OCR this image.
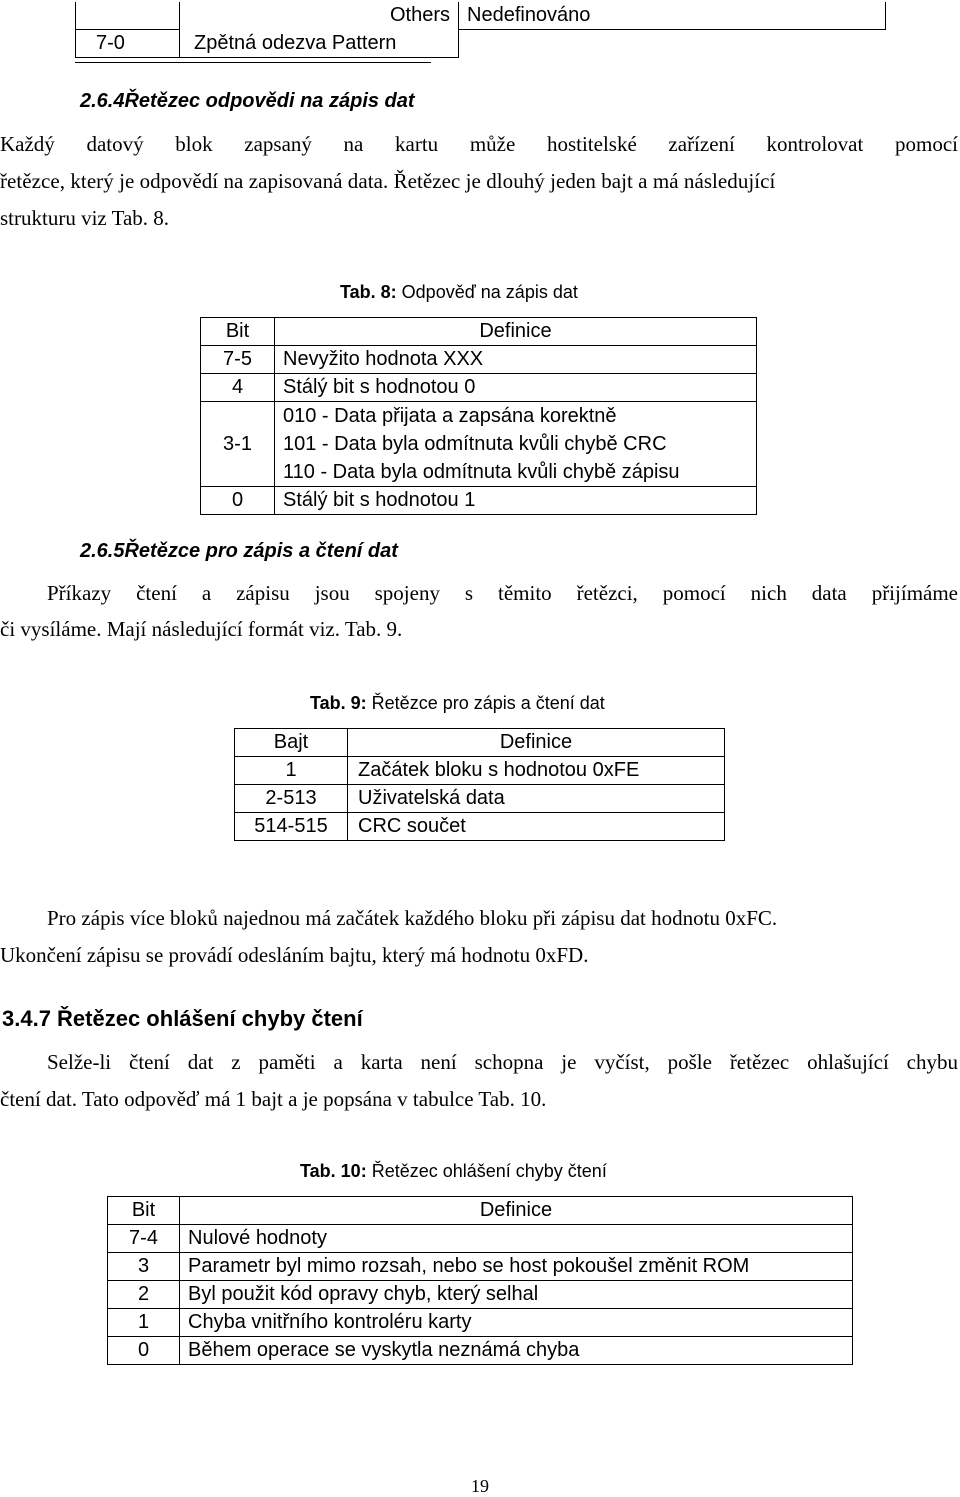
	Others	Nedefinováno
7-0	Zpětná odezva Pattern	
2.6.4Řetězec odpovědi na zápis dat
Každý datový blok zapsaný na kartu může hostitelské zařízení kontrolovat pomocí
řetězce, který je odpovědí na zapisovaná data. Řetězec je dlouhý jeden bajt a má následující
strukturu viz Tab. 8.
Tab. 8: Odpověď na zápis dat
Bit	Definice
7-5	Nevyžito hodnota XXX
4	Stálý bit s hodnotou 0
3-1	010 - Data přijata a zapsána korektně
101 - Data byla odmítnuta kvůli chybě CRC
110 - Data byla odmítnuta kvůli chybě zápisu

0	Stálý bit s hodnotou 1
2.6.5Řetězce pro zápis a čtení dat
Příkazy čtení a zápisu jsou spojeny s těmito řetězci, pomocí nich data přijímáme
či vysíláme. Mají následující formát viz. Tab. 9.
Tab. 9: Řetězce pro zápis a čtení dat
Bajt	Definice
1	Začátek bloku s hodnotou 0xFE
2-513	Uživatelská data
514-515	CRC součet
Pro zápis více bloků najednou má začátek každého bloku při zápisu dat hodnotu 0xFC.
Ukončení zápisu se provádí odesláním bajtu, který má hodnotu 0xFD.
3.4.7 Řetězec ohlášení chyby čtení
Selže-li čtení dat z paměti a karta není schopna je vyčíst, pošle řetězec ohlašující chybu
čtení dat. Tato odpověď má 1 bajt a je popsána v tabulce Tab. 10.
Tab. 10: Řetězec ohlášení chyby čtení
Bit	Definice
7-4	Nulové hodnoty
3	Parametr byl mimo rozsah, nebo se host pokoušel změnit ROM
2	Byl použit kód opravy chyb, který selhal
1	Chyba vnitřního kontroléru karty
0	Během operace se vyskytla neznámá chyba
19
